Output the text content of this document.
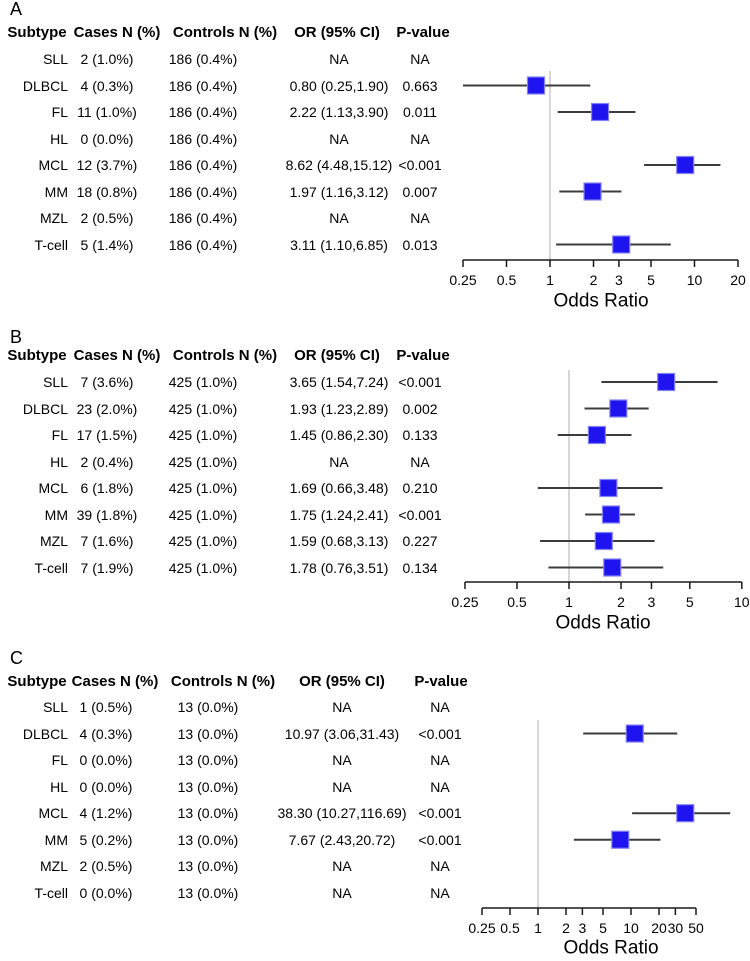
A
Subtype Cases N (%) Controls N (%) OR (95% CI) P-value
SLL 2 (1.0%)	186 (0.4%)	NA	NA
DLBCL 4 (0.3%)	186 (0.4%)	0.80 (0.25,1.90) 0.663
FL 11 (1.0%) 186 (0.4%)	2.22 (1.13,3.90) 0.011
HL 0 (0.0%)	186 (0.4%)	NA	NA
MCL 12 (3.7%) 186 (0.4%)	8.62 (4.48,15.12) <0.001
MM 18 (0.8%) 186 (0.4%)	1.97 (1.16,3.12) 0.007
MZL 2 (0.5%)	186 (0.4%)	NA	NA
T-cell 5 (1.4%)	186 (0.4%)	3.11 (1.10,6.85) 0.013
0.25 0.5 1	2 3 5 10 20
Odds Ratio
B
Subtype Cases N (%) Controls N (%) OR (95% CI) P-value
SLL 7 (3.6%)	425 (1.0%)	3.65 (1.54,7.24) <0.001
DLBCL 23 (2.0%) 425 (1.0%)	1.93 (1.23,2.89) 0.002
FL 17 (1.5%) 425 (1.0%)	1.45 (0.86,2.30) 0.133
HL 2 (0.4%)	425 (1.0%)	NA	NA
MCL 6 (1.8%)	425 (1.0%)	1.69 (0.66,3.48) 0.210
MM 39 (1.8%) 425 (1.0%)	1.75 (1.24,2.41) <0.001
MZL 7 (1.6%)	425 (1.0%)	1.59 (0.68,3.13) 0.227
T-cell 7 (1.9%)	425 (1.0%)	1.78 (0.76,3.51) 0.134
0.25 0.5	1	2 3 5	10
Odds Ratio
C
Subtype Cases N (%) Controls N (%) OR (95% CI) P-value
SLL 1 (0.5%)	13 (0.0%)	NA	NA
DLBCL 4 (0.3%)	13 (0.0%)	10.97 (3.06,31.43) <0.001
FL 0 (0.0%)	13 (0.0%)	NA	NA
HL 0 (0.0%)	13 (0.0%)	NA	NA
MCL 4 (1.2%)	13 (0.0%)	38.30 (10.27,116.69) <0.001
MM 5 (0.2%)	13 (0.0%)	7.67 (2.43,20.72) <0.001
MZL 2 (0.5%)	13 (0.0%)	NA	NA
T-cell 0 (0.0%)	13 (0.0%)	NA	NA
0.25 0.5 1 2 3 5 10 20 30 50
Odds Ratio
